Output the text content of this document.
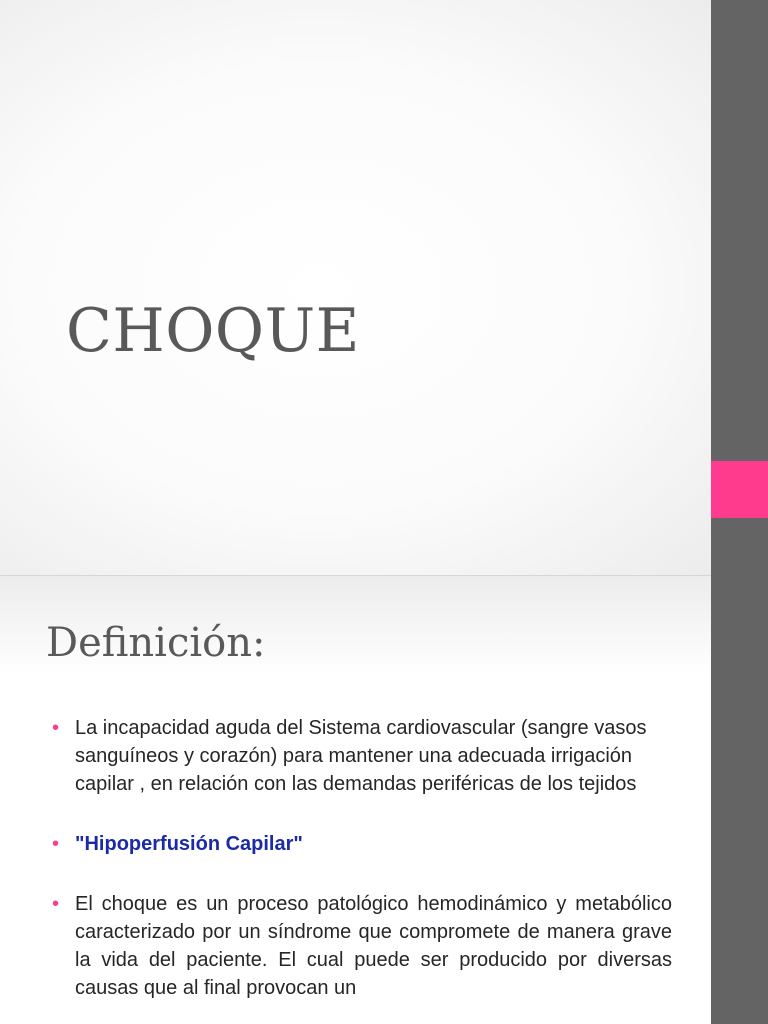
CHOQUE
Definición:
• La incapacidad aguda del Sistema cardiovascular (sangre vasos sanguíneos y corazón) para mantener una adecuada irrigación capilar , en relación con las demandas periféricas de los tejidos
• "Hipoperfusión Capilar"
• El choque es un proceso patológico hemodinámico y metabólico caracterizado por un síndrome que compromete de manera grave la vida del paciente. El cual puede ser producido por diversas causas que al final provocan un
